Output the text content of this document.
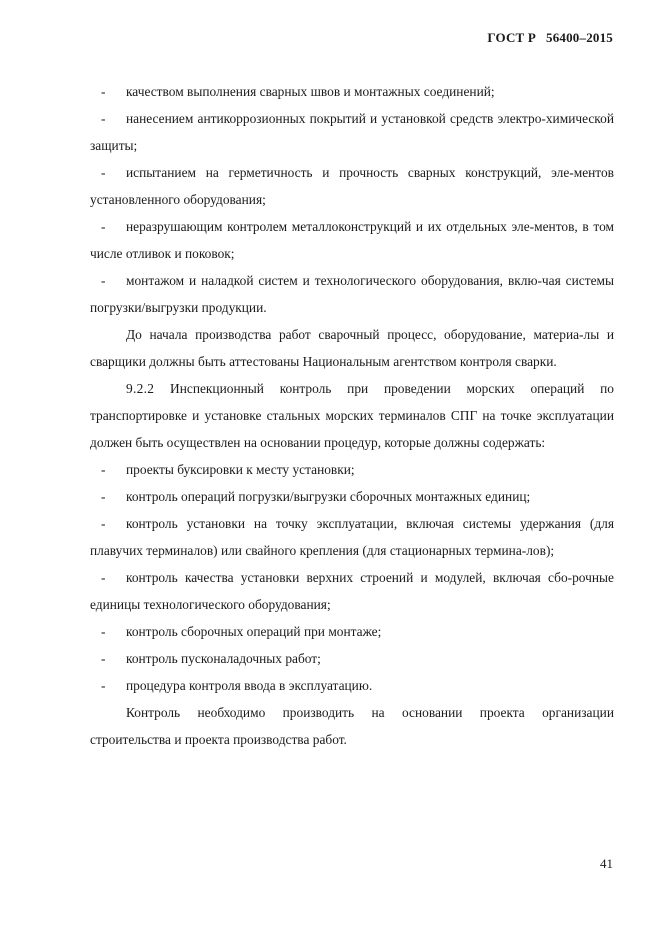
ГОСТ Р 56400–2015

- качеством выполнения сварных швов и монтажных соединений;

- нанесением антикоррозионных покрытий и установкой средств электро-химической защиты;

- испытанием на герметичность и прочность сварных конструкций, эле-ментов установленного оборудования;

- неразрушающим контролем металлоконструкций и их отдельных эле-ментов, в том числе отливок и поковок;

- монтажом и наладкой систем и технологического оборудования, вклю-чая системы погрузки/выгрузки продукции.

До начала производства работ сварочный процесс, оборудование, материа-лы и сварщики должны быть аттестованы Национальным агентством контроля сварки.

9.2.2 Инспекционный контроль при проведении морских операций по транспортировке и установке стальных морских терминалов СПГ на точке эксплуатации должен быть осуществлен на основании процедур, которые должны содержать:

- проекты буксировки к месту установки;

- контроль операций погрузки/выгрузки сборочных монтажных единиц;

- контроль установки на точку эксплуатации, включая системы удержания (для плавучих терминалов) или свайного крепления (для стационарных термина-лов);

- контроль качества установки верхних строений и модулей, включая сбо-рочные единицы технологического оборудования;

- контроль сборочных операций при монтаже;

- контроль пусконаладочных работ;

- процедура контроля ввода в эксплуатацию.

Контроль необходимо производить на основании проекта организации строительства и проекта производства работ.

41
